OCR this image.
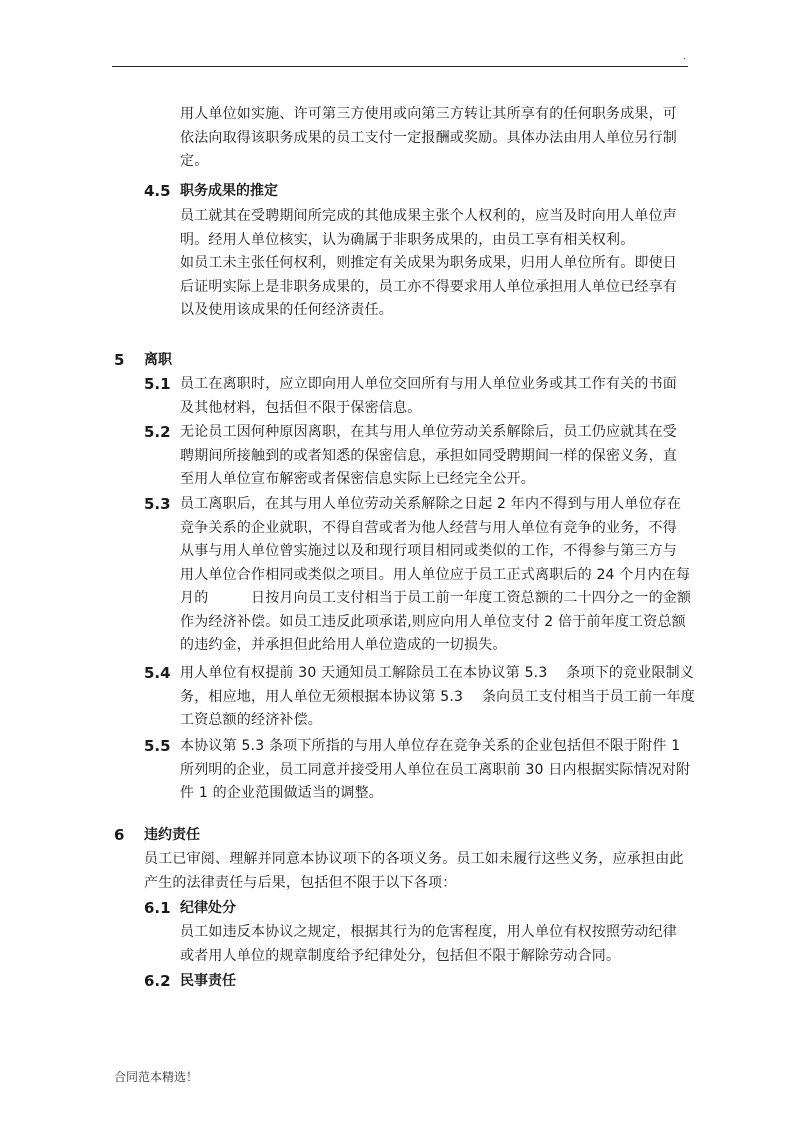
.
用人单位如实施、许可第三方使用或向第三方转让其所享有的任何职务成果，可
依法向取得该职务成果的员工支付一定报酬或奖励。具体办法由用人单位另行制
定。
4.5 职务成果的推定
员工就其在受聘期间所完成的其他成果主张个人权利的，应当及时向用人单位声
明。经用人单位核实，认为确属于非职务成果的，由员工享有相关权利。
如员工未主张任何权利，则推定有关成果为职务成果，归用人单位所有。即使日
后证明实际上是非职务成果的，员工亦不得要求用人单位承担用人单位已经享有
以及使用该成果的任何经济责任。
5 离职
5.1 员工在离职时，应立即向用人单位交回所有与用人单位业务或其工作有关的书面
及其他材料，包括但不限于保密信息。
5.2 无论员工因何种原因离职，在其与用人单位劳动关系解除后，员工仍应就其在受
聘期间所接触到的或者知悉的保密信息，承担如同受聘期间一样的保密义务，直
至用人单位宣布解密或者保密信息实际上已经完全公开。
5.3 员工离职后，在其与用人单位劳动关系解除之日起 2 年内不得到与用人单位存在
竞争关系的企业就职，不得自营或者为他人经营与用人单位有竞争的业务，不得
从事与用人单位曾实施过以及和现行项目相同或类似的工作，不得参与第三方与
用人单位合作相同或类似之项目。用人单位应于员工正式离职后的 24 个月内在每
月的　　　日按月向员工支付相当于员工前一年度工资总额的二十四分之一的金额
作为经济补偿。如员工违反此项承诺,则应向用人单位支付 2 倍于前年度工资总额
的违约金，并承担但此给用人单位造成的一切损失。
5.4 用人单位有权提前 30 天通知员工解除员工在本协议第 5.3　 条项下的竞业限制义
务，相应地，用人单位无须根据本协议第 5.3　 条向员工支付相当于员工前一年度
工资总额的经济补偿。
5.5 本协议第 5.3 条项下所指的与用人单位存在竞争关系的企业包括但不限于附件 1
所列明的企业，员工同意并接受用人单位在员工离职前 30 日内根据实际情况对附
件 1 的企业范围做适当的调整。
6 违约责任
员工已审阅、理解并同意本协议项下的各项义务。员工如未履行这些义务，应承担由此
产生的法律责任与后果，包括但不限于以下各项：
6.1 纪律处分
员工如违反本协议之规定，根据其行为的危害程度，用人单位有权按照劳动纪律
或者用人单位的规章制度给予纪律处分，包括但不限于解除劳动合同。
6.2 民事责任
合同范本精选！
